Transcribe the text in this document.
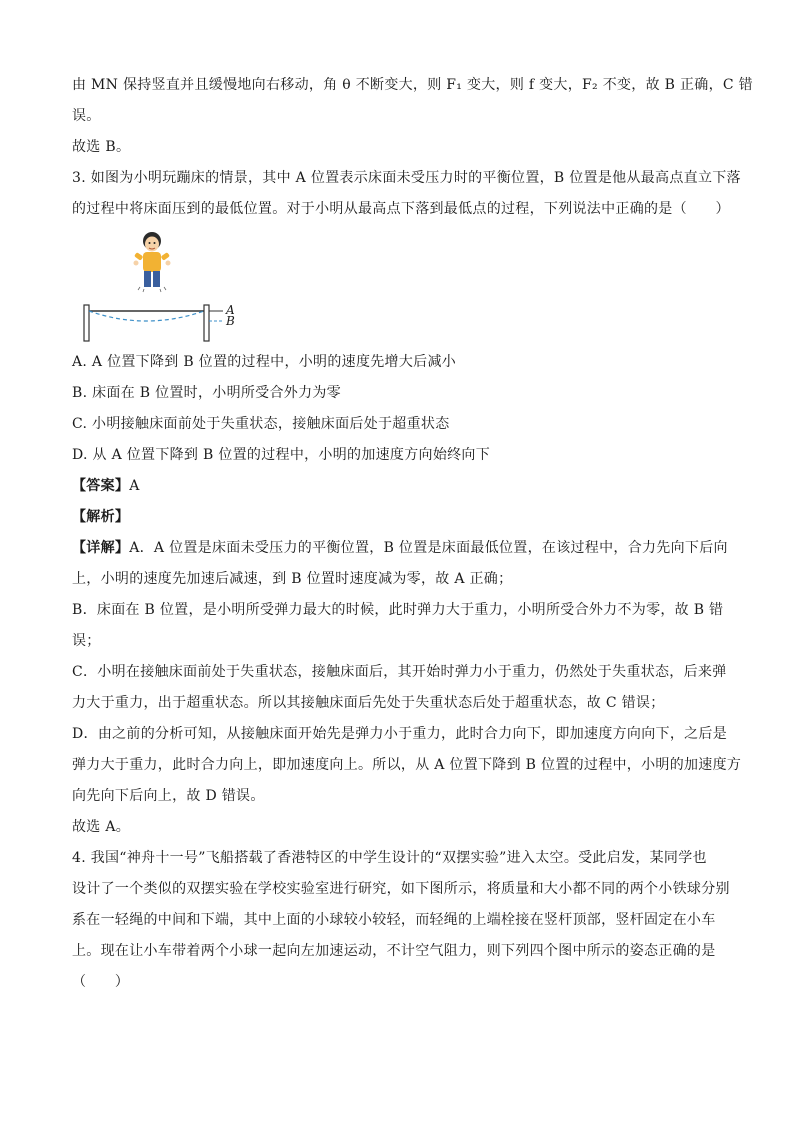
由 MN 保持竖直并且缓慢地向右移动，角 θ 不断变大，则 F₁ 变大，则 f 变大，F₂ 不变，故 B 正确，C 错
误。
故选 B。
3. 如图为小明玩蹦床的情景，其中 A 位置表示床面未受压力时的平衡位置，B 位置是他从最高点直立下落
的过程中将床面压到的最低位置。对于小明从最高点下落到最低点的过程，下列说法中正确的是（　　）
A
B
A. A 位置下降到 B 位置的过程中，小明的速度先增大后减小
B. 床面在 B 位置时，小明所受合外力为零
C. 小明接触床面前处于失重状态，接触床面后处于超重状态
D. 从 A 位置下降到 B 位置的过程中，小明的加速度方向始终向下
【答案】A
【解析】
【详解】A．A 位置是床面未受压力的平衡位置，B 位置是床面最低位置，在该过程中，合力先向下后向
上，小明的速度先加速后减速，到 B 位置时速度减为零，故 A 正确；
B．床面在 B 位置，是小明所受弹力最大的时候，此时弹力大于重力，小明所受合外力不为零，故 B 错
误；
C．小明在接触床面前处于失重状态，接触床面后，其开始时弹力小于重力，仍然处于失重状态，后来弹
力大于重力，出于超重状态。所以其接触床面后先处于失重状态后处于超重状态，故 C 错误；
D．由之前的分析可知，从接触床面开始先是弹力小于重力，此时合力向下，即加速度方向向下，之后是
弹力大于重力，此时合力向上，即加速度向上。所以，从 A 位置下降到 B 位置的过程中，小明的加速度方
向先向下后向上，故 D 错误。
故选 A。
4. 我国“神舟十一号”飞船搭载了香港特区的中学生设计的“双摆实验”进入太空。受此启发，某同学也
设计了一个类似的双摆实验在学校实验室进行研究，如下图所示，将质量和大小都不同的两个小铁球分别
系在一轻绳的中间和下端，其中上面的小球较小较轻，而轻绳的上端栓接在竖杆顶部，竖杆固定在小车
上。现在让小车带着两个小球一起向左加速运动，不计空气阻力，则下列四个图中所示的姿态正确的是
（　　）
